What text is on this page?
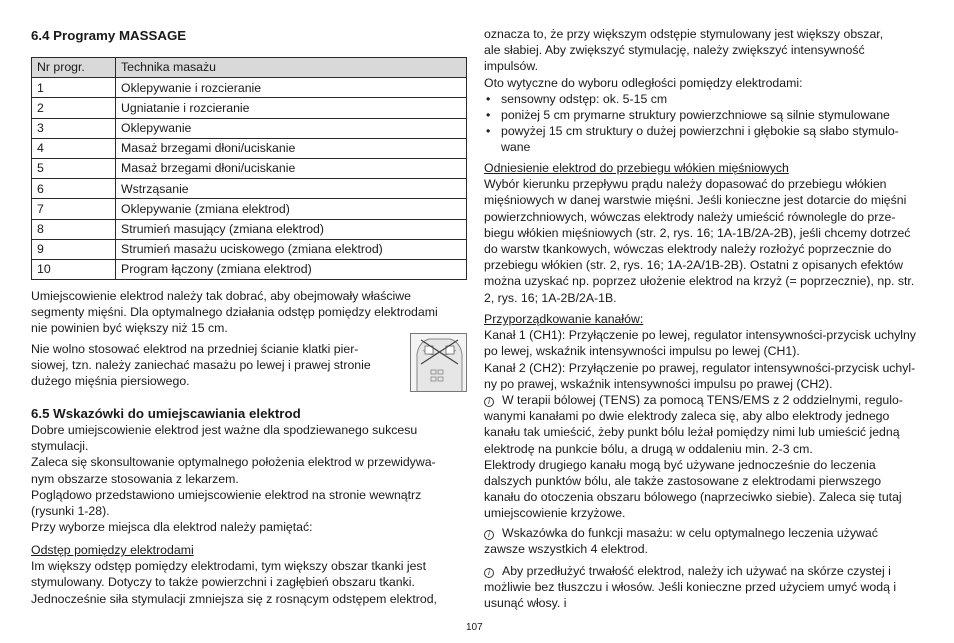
6.4 Programy MASSAGE
Nr progr.	Technika masażu
1	Oklepywanie i rozcieranie
2	Ugniatanie i rozcieranie
3	Oklepywanie
4	Masaż brzegami dłoni/uciskanie
5	Masaż brzegami dłoni/uciskanie
6	Wstrząsanie
7	Oklepywanie (zmiana elektrod)
8	Strumień masujący (zmiana elektrod)
9	Strumień masażu uciskowego (zmiana elektrod)
10	Program łączony (zmiana elektrod)

Umiejscowienie elektrod należy tak dobrać, aby obejmowały właściwe

segmenty mięśni. Dla optymalnego działania odstęp pomiędzy elektrodami

nie powinien być większy niż 15 cm.

Nie wolno stosować elektrod na przedniej ścianie klatki pier-

siowej, tzn. należy zaniechać masażu po lewej i prawej stronie

dużego mięśnia piersiowego.

6.5 Wskazówki do umiejscawiania elektrod

Dobre umiejscowienie elektrod jest ważne dla spodziewanego sukcesu

stymulacji.

Zaleca się skonsultowanie optymalnego położenia elektrod w przewidywa-

nym obszarze stosowania z lekarzem.

Poglądowo przedstawiono umiejscowienie elektrod na stronie wewnątrz

(rysunki 1-28).

Przy wyborze miejsca dla elektrod należy pamiętać:

Odstęp pomiędzy elektrodami

Im większy odstęp pomiędzy elektrodami, tym większy obszar tkanki jest

stymulowany. Dotyczy to także powierzchni i zagłębień obszaru tkanki.

Jednocześnie siła stymulacji zmniejsza się z rosnącym odstępem elektrod,

oznacza to, że przy większym odstępie stymulowany jest większy obszar,

ale słabiej. Aby zwiększyć stymulację, należy zwiększyć intensywność

impulsów.

Oto wytyczne do wyboru odległości pomiędzy elektrodami:

• sensowny odstęp: ok. 5-15 cm
• poniżej 5 cm prymarne struktury powierzchniowe są silnie stymulowane
• powyżej 15 cm struktury o dużej powierzchni i głębokie są słabo stymulo-
wane

Odniesienie elektrod do przebiegu włókien mięśniowych

Wybór kierunku przepływu prądu należy dopasować do przebiegu włókien

mięśniowych w danej warstwie mięśni. Jeśli konieczne jest dotarcie do mięśni

powierzchniowych, wówczas elektrody należy umieścić równolegle do prze-

biegu włókien mięśniowych (str. 2, rys. 16; 1A-1B/2A-2B), jeśli chcemy dotrzeć

do warstw tkankowych, wówczas elektrody należy rozłożyć poprzecznie do

przebiegu włókien (str. 2, rys. 16; 1A-2A/1B-2B). Ostatni z opisanych efektów

można uzyskać np. poprzez ułożenie elektrod na krzyż (= poprzecznie), np. str.

2, rys. 16; 1A-2B/2A-1B.

Przyporządkowanie kanałów:

Kanał 1 (CH1): Przyłączenie po lewej, regulator intensywności-przycisk uchylny

po lewej, wskaźnik intensywności impulsu po lewej (CH1).

Kanał 2 (CH2): Przyłączenie po prawej, regulator intensywności-przycisk uchyl-

ny po prawej, wskaźnik intensywności impulsu po prawej (CH2).

i W terapii bólowej (TENS) za pomocą TENS/EMS z 2 oddzielnymi, regulo-

wanymi kanałami po dwie elektrody zaleca się, aby albo elektrody jednego

kanału tak umieścić, żeby punkt bólu leżał pomiędzy nimi lub umieścić jedną

elektrodę na punkcie bólu, a drugą w oddaleniu min. 2-3 cm.

Elektrody drugiego kanału mogą być używane jednocześnie do leczenia

dalszych punktów bólu, ale także zastosowane z elektrodami pierwszego

kanału do otoczenia obszaru bólowego (naprzeciwko siebie). Zaleca się tutaj

umiejscowienie krzyżowe.

i Wskazówka do funkcji masażu: w celu optymalnego leczenia używać

zawsze wszystkich 4 elektrod.

i Aby przedłużyć trwałość elektrod, należy ich używać na skórze czystej i

możliwie bez tłuszczu i włosów. Jeśli konieczne przed użyciem umyć wodą i

usunąć włosy. i

107
